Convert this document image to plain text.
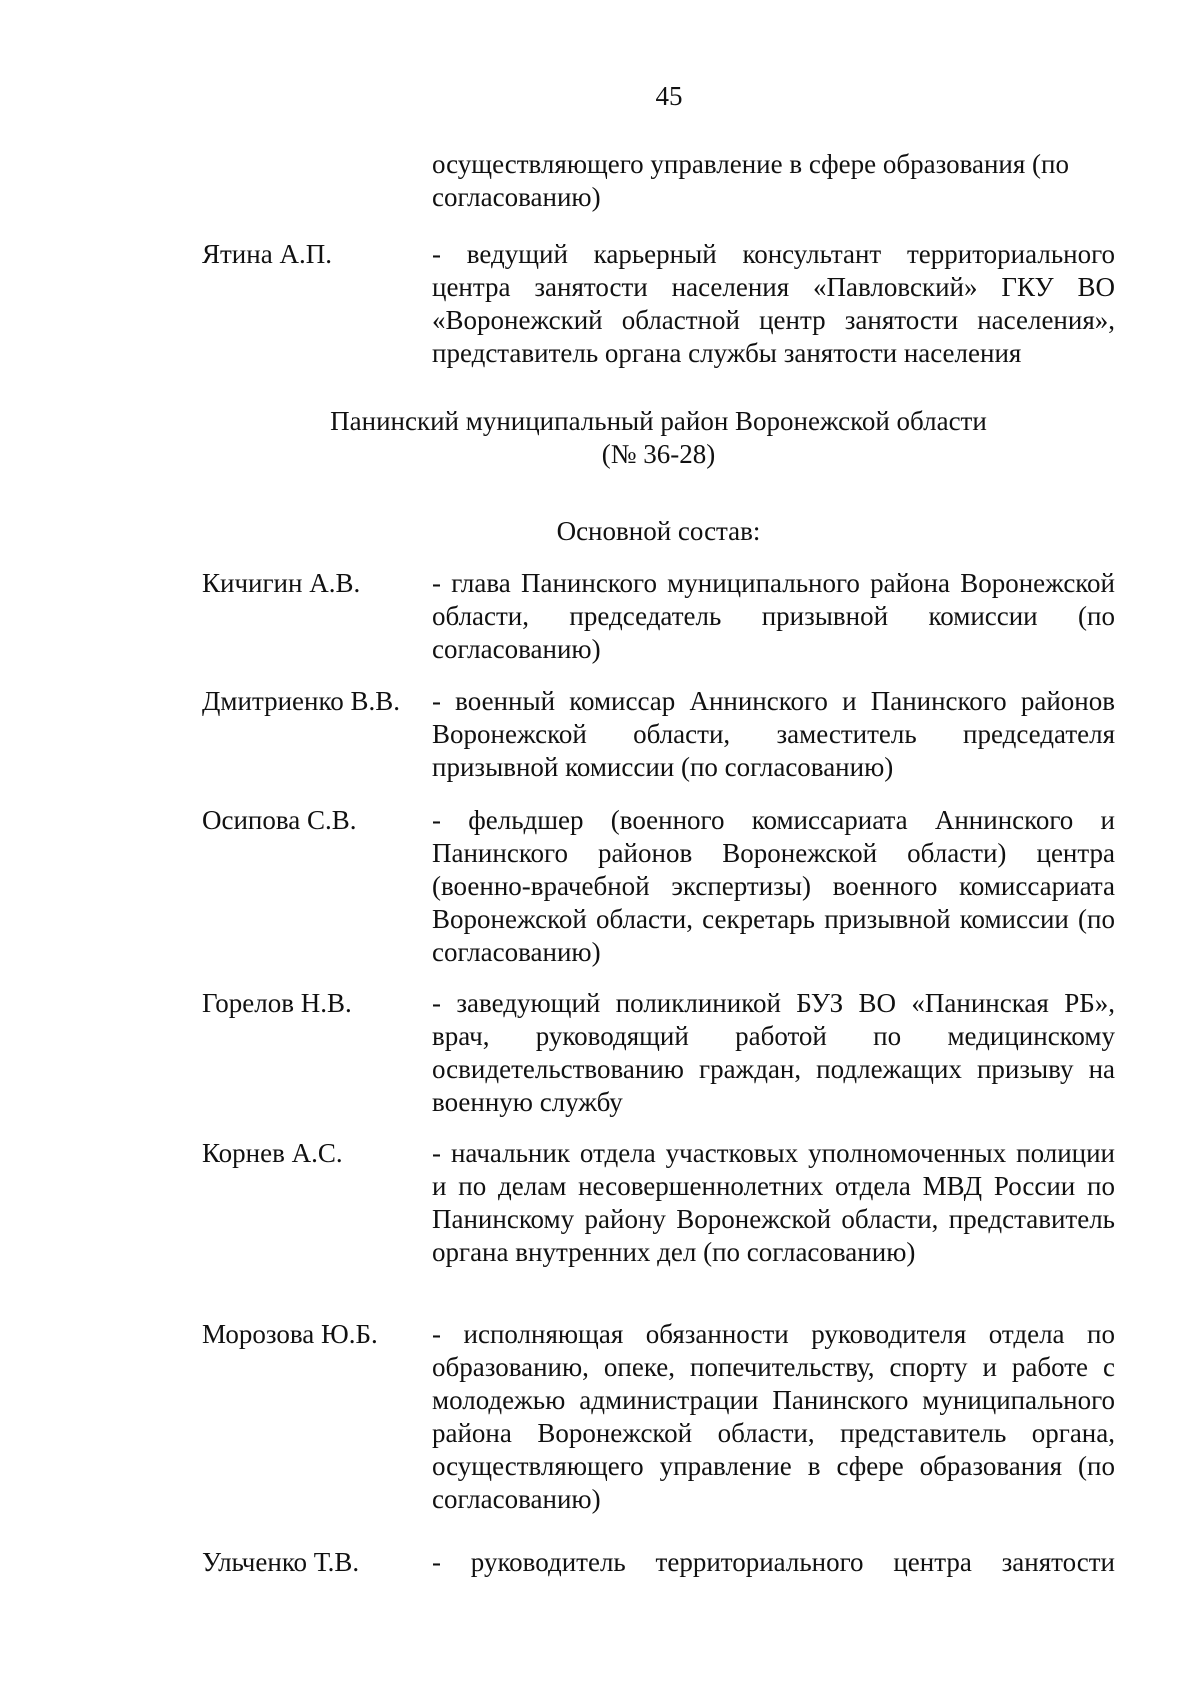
45
осуществляющего управление в сфере образования (по согласованию)
Ятина А.П.	- ведущий карьерный консультант территориального центра занятости населения «Павловский» ГКУ ВО «Воронежский областной центр занятости населения», представитель органа службы занятости населения
Панинский муниципальный район Воронежской области
(№ 36-28)
Основной состав:
Кичигин А.В.	- глава Панинского муниципального района Воронежской области, председатель призывной комиссии (по согласованию)
Дмитриенко В.В. - военный комиссар Аннинского и Панинского районов Воронежской области, заместитель председателя призывной комиссии (по согласованию)
Осипова С.В.	- фельдшер (военного комиссариата Аннинского и Панинского районов Воронежской области) центра (военно-врачебной экспертизы) военного комиссариата Воронежской области, секретарь призывной комиссии (по согласованию)
Горелов Н.В.	- заведующий поликлиникой БУЗ ВО «Панинская РБ», врач, руководящий работой по медицинскому освидетельствованию граждан, подлежащих призыву на военную службу
Корнев А.С.	- начальник отдела участковых уполномоченных полиции и по делам несовершеннолетних отдела МВД России по Панинскому району Воронежской области, представитель органа внутренних дел (по согласованию)
Морозова Ю.Б. - исполняющая обязанности руководителя отдела по образованию, опеке, попечительству, спорту и работе с молодежью администрации Панинского муниципального района Воронежской области, представитель органа, осуществляющего управление в сфере образования (по согласованию)
Ульченко Т.В.	- руководитель территориального центра занятости
